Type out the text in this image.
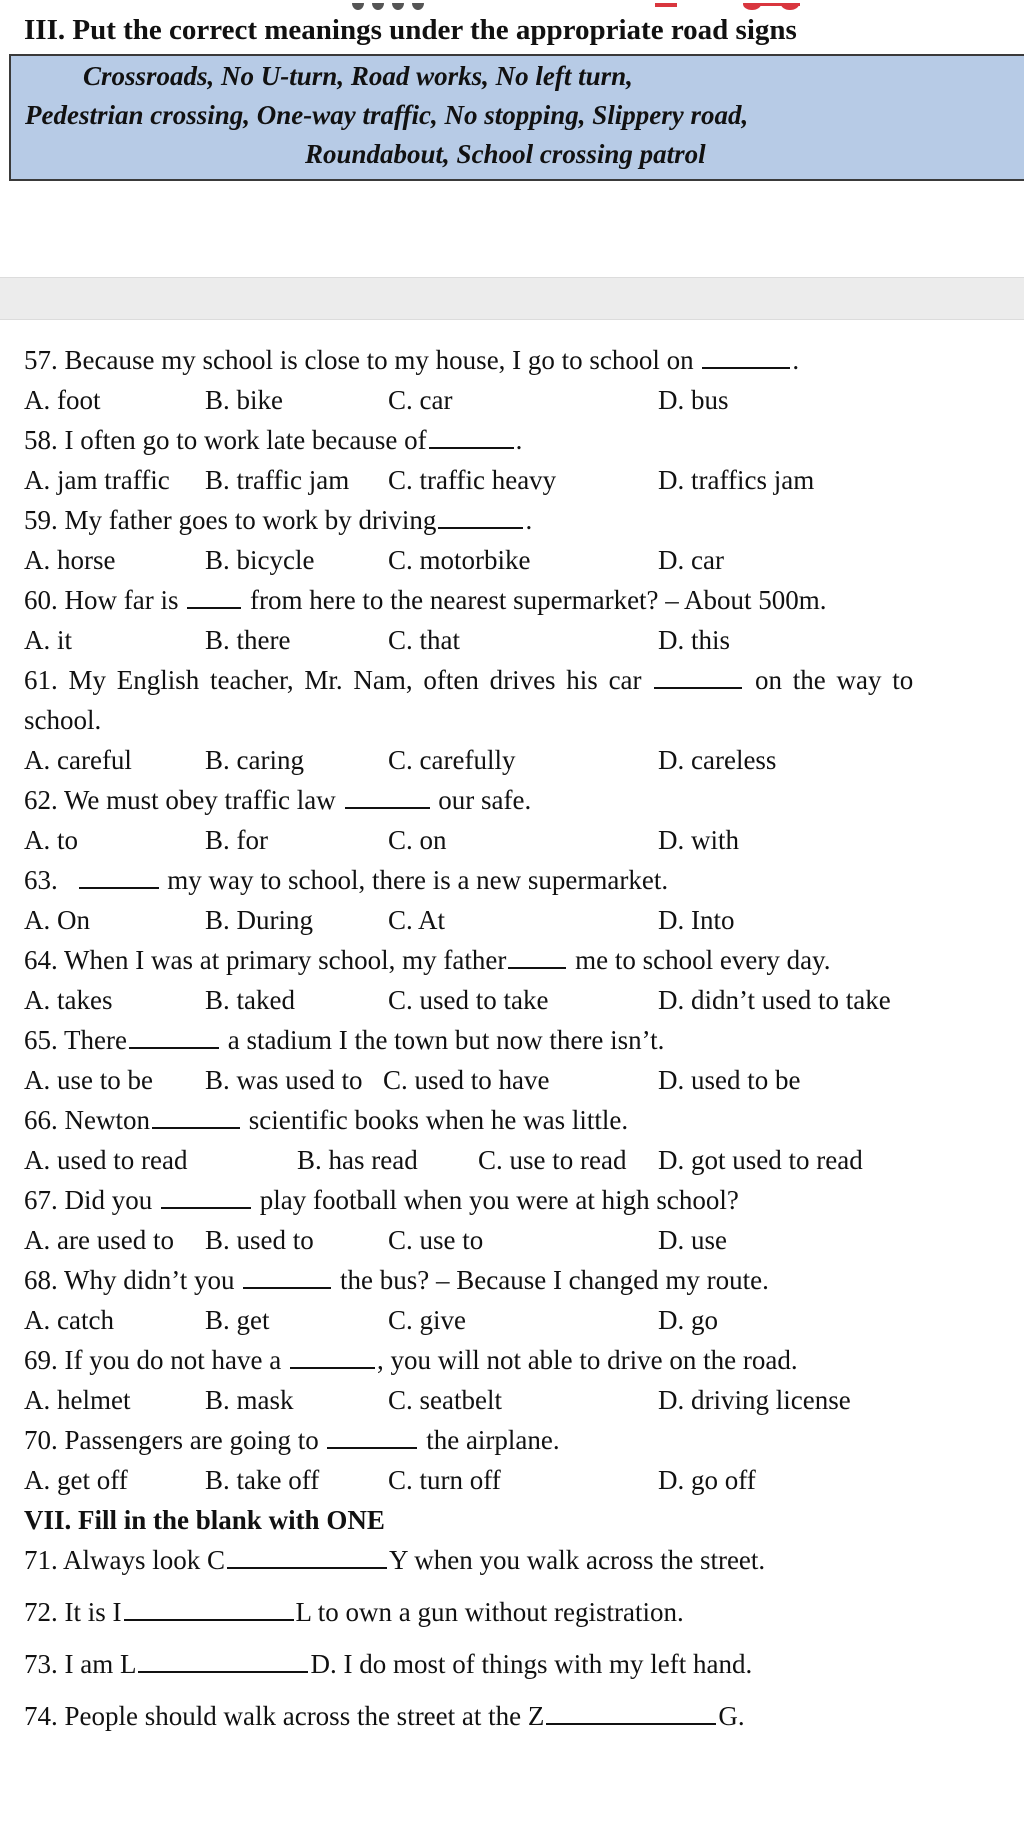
III. Put the correct meanings under the appropriate road signs
Crossroads, No U-turn, Road works, No left turn,
Pedestrian crossing, One-way traffic, No stopping, Slippery road,
Roundabout, School crossing patrol
57. Because my school is close to my house, I go to school on	.
A. foot	B. bike	C. car	D. bus
58. I often go to work late because of	.
A. jam traffic B. traffic jam C. traffic heavy	D. traffics jam
59. My father goes to work by driving	.
A. horse	B. bicycle	C. motorbike	D. car
60. How far is	from here to the nearest supermarket? – About 500m.
A. it	B. there	C. that	D. this
61. My English teacher, Mr. Nam, often drives his car	on the way to
school.
A. careful	B. caring	C. carefully	D. careless
62. We must obey traffic law	our safe.
A. to	B. for	C. on	D. with
63.	my way to school, there is a new supermarket.
A. On	B. During	C. At	D. Into
64. When I was at primary school, my father	me to school every day.
A. takes	B. taked	C. used to take	D. didn’t used to take
65. There	a stadium I the town but now there isn’t.
A. use to be B. was used to C. used to have	D. used to be
66. Newton	scientific books when he was little.
A. used to read	B. has read C. use to read D. got used to read
67. Did you	play football when you were at high school?
A. are used to B. used to	C. use to	D. use
68. Why didn’t you	the bus? – Because I changed my route.
A. catch	B. get	C. give	D. go
69. If you do not have a	, you will not able to drive on the road.
A. helmet	B. mask	C. seatbelt	D. driving license
70. Passengers are going to	the airplane.
A. get off	B. take off	C. turn off	D. go off
VII. Fill in the blank with ONE
71. Always look C	Y when you walk across the street.
72. It is I	L to own a gun without registration.
73. I am L	D. I do most of things with my left hand.
74. People should walk across the street at the Z	G.
